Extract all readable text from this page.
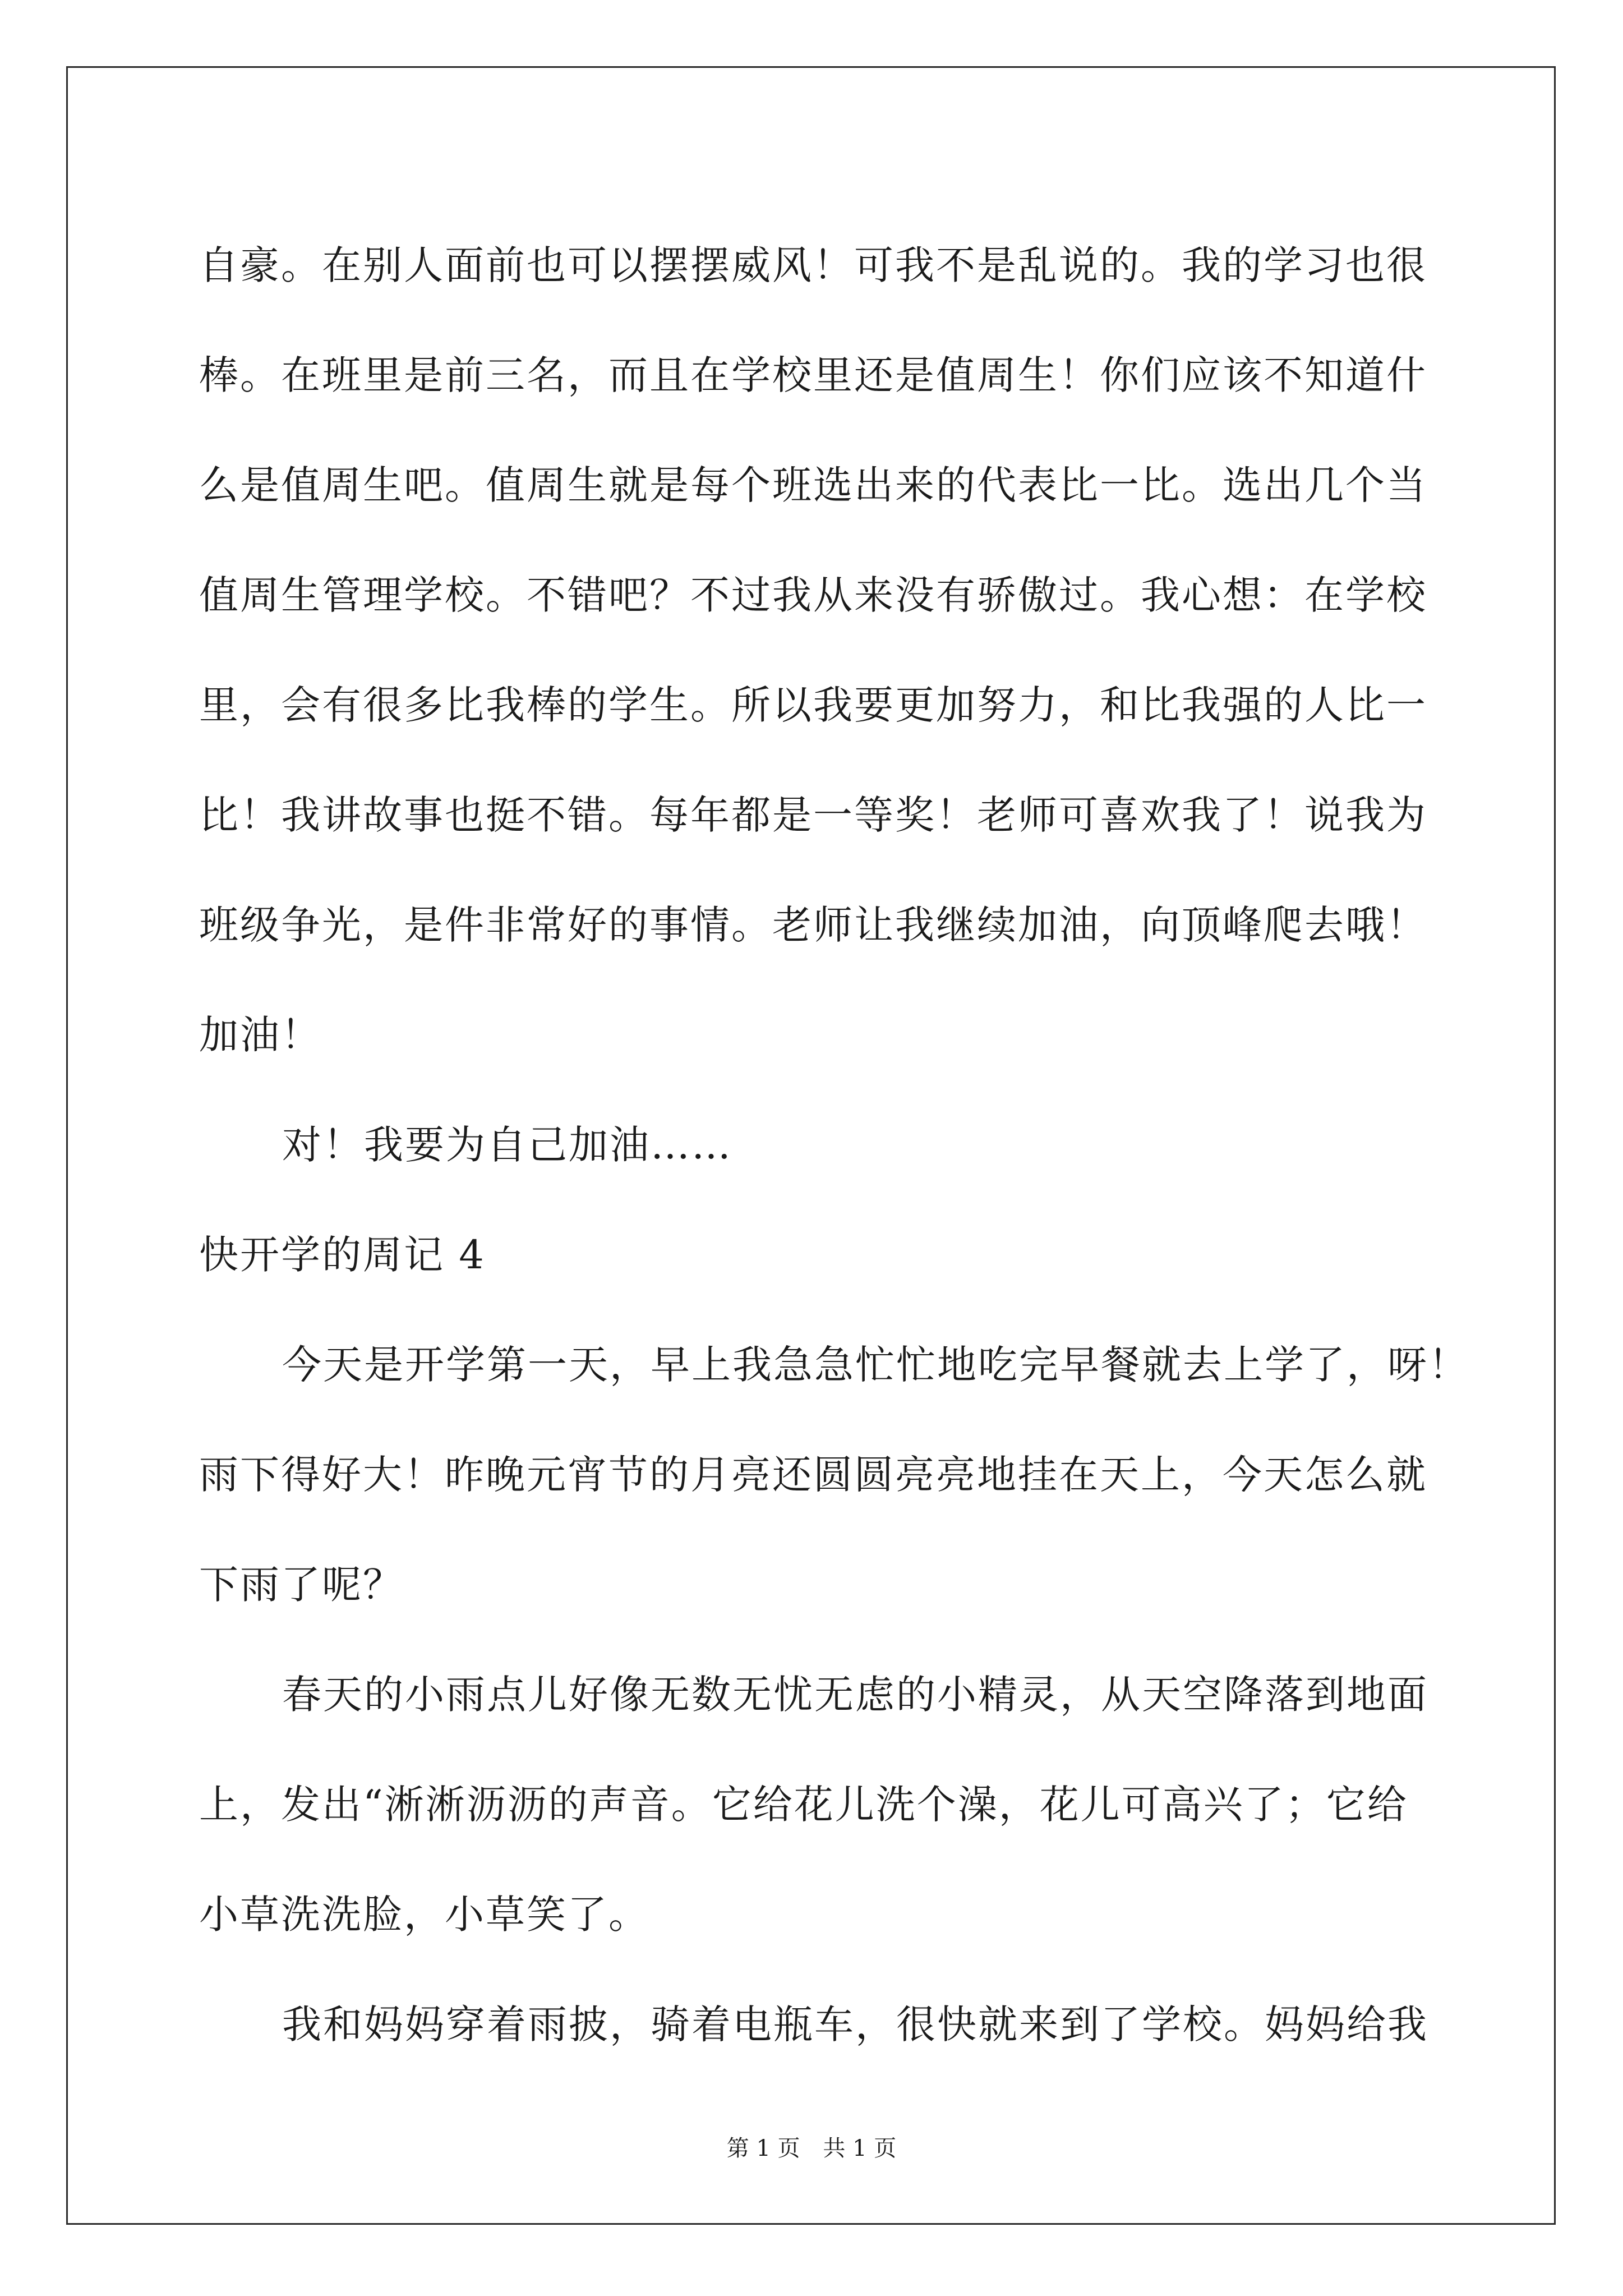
自豪。在别人面前也可以摆摆威风！可我不是乱说的。我的学习也很
棒。在班里是前三名，而且在学校里还是值周生！你们应该不知道什
么是值周生吧。值周生就是每个班选出来的代表比一比。选出几个当
值周生管理学校。不错吧？不过我从来没有骄傲过。我心想：在学校
里，会有很多比我棒的学生。所以我要更加努力，和比我强的人比一
比！我讲故事也挺不错。每年都是一等奖！老师可喜欢我了！说我为
班级争光，是件非常好的事情。老师让我继续加油，向顶峰爬去哦！
加油！
对！我要为自己加油……
快开学的周记 4
今天是开学第一天，早上我急急忙忙地吃完早餐就去上学了，呀！
雨下得好大！昨晚元宵节的月亮还圆圆亮亮地挂在天上，今天怎么就
下雨了呢？
春天的小雨点儿好像无数无忧无虑的小精灵，从天空降落到地面
上，发出“淅淅沥沥的声音。它给花儿洗个澡，花儿可高兴了；它给
小草洗洗脸，小草笑了。
我和妈妈穿着雨披，骑着电瓶车，很快就来到了学校。妈妈给我
第 1 页 共 1 页
